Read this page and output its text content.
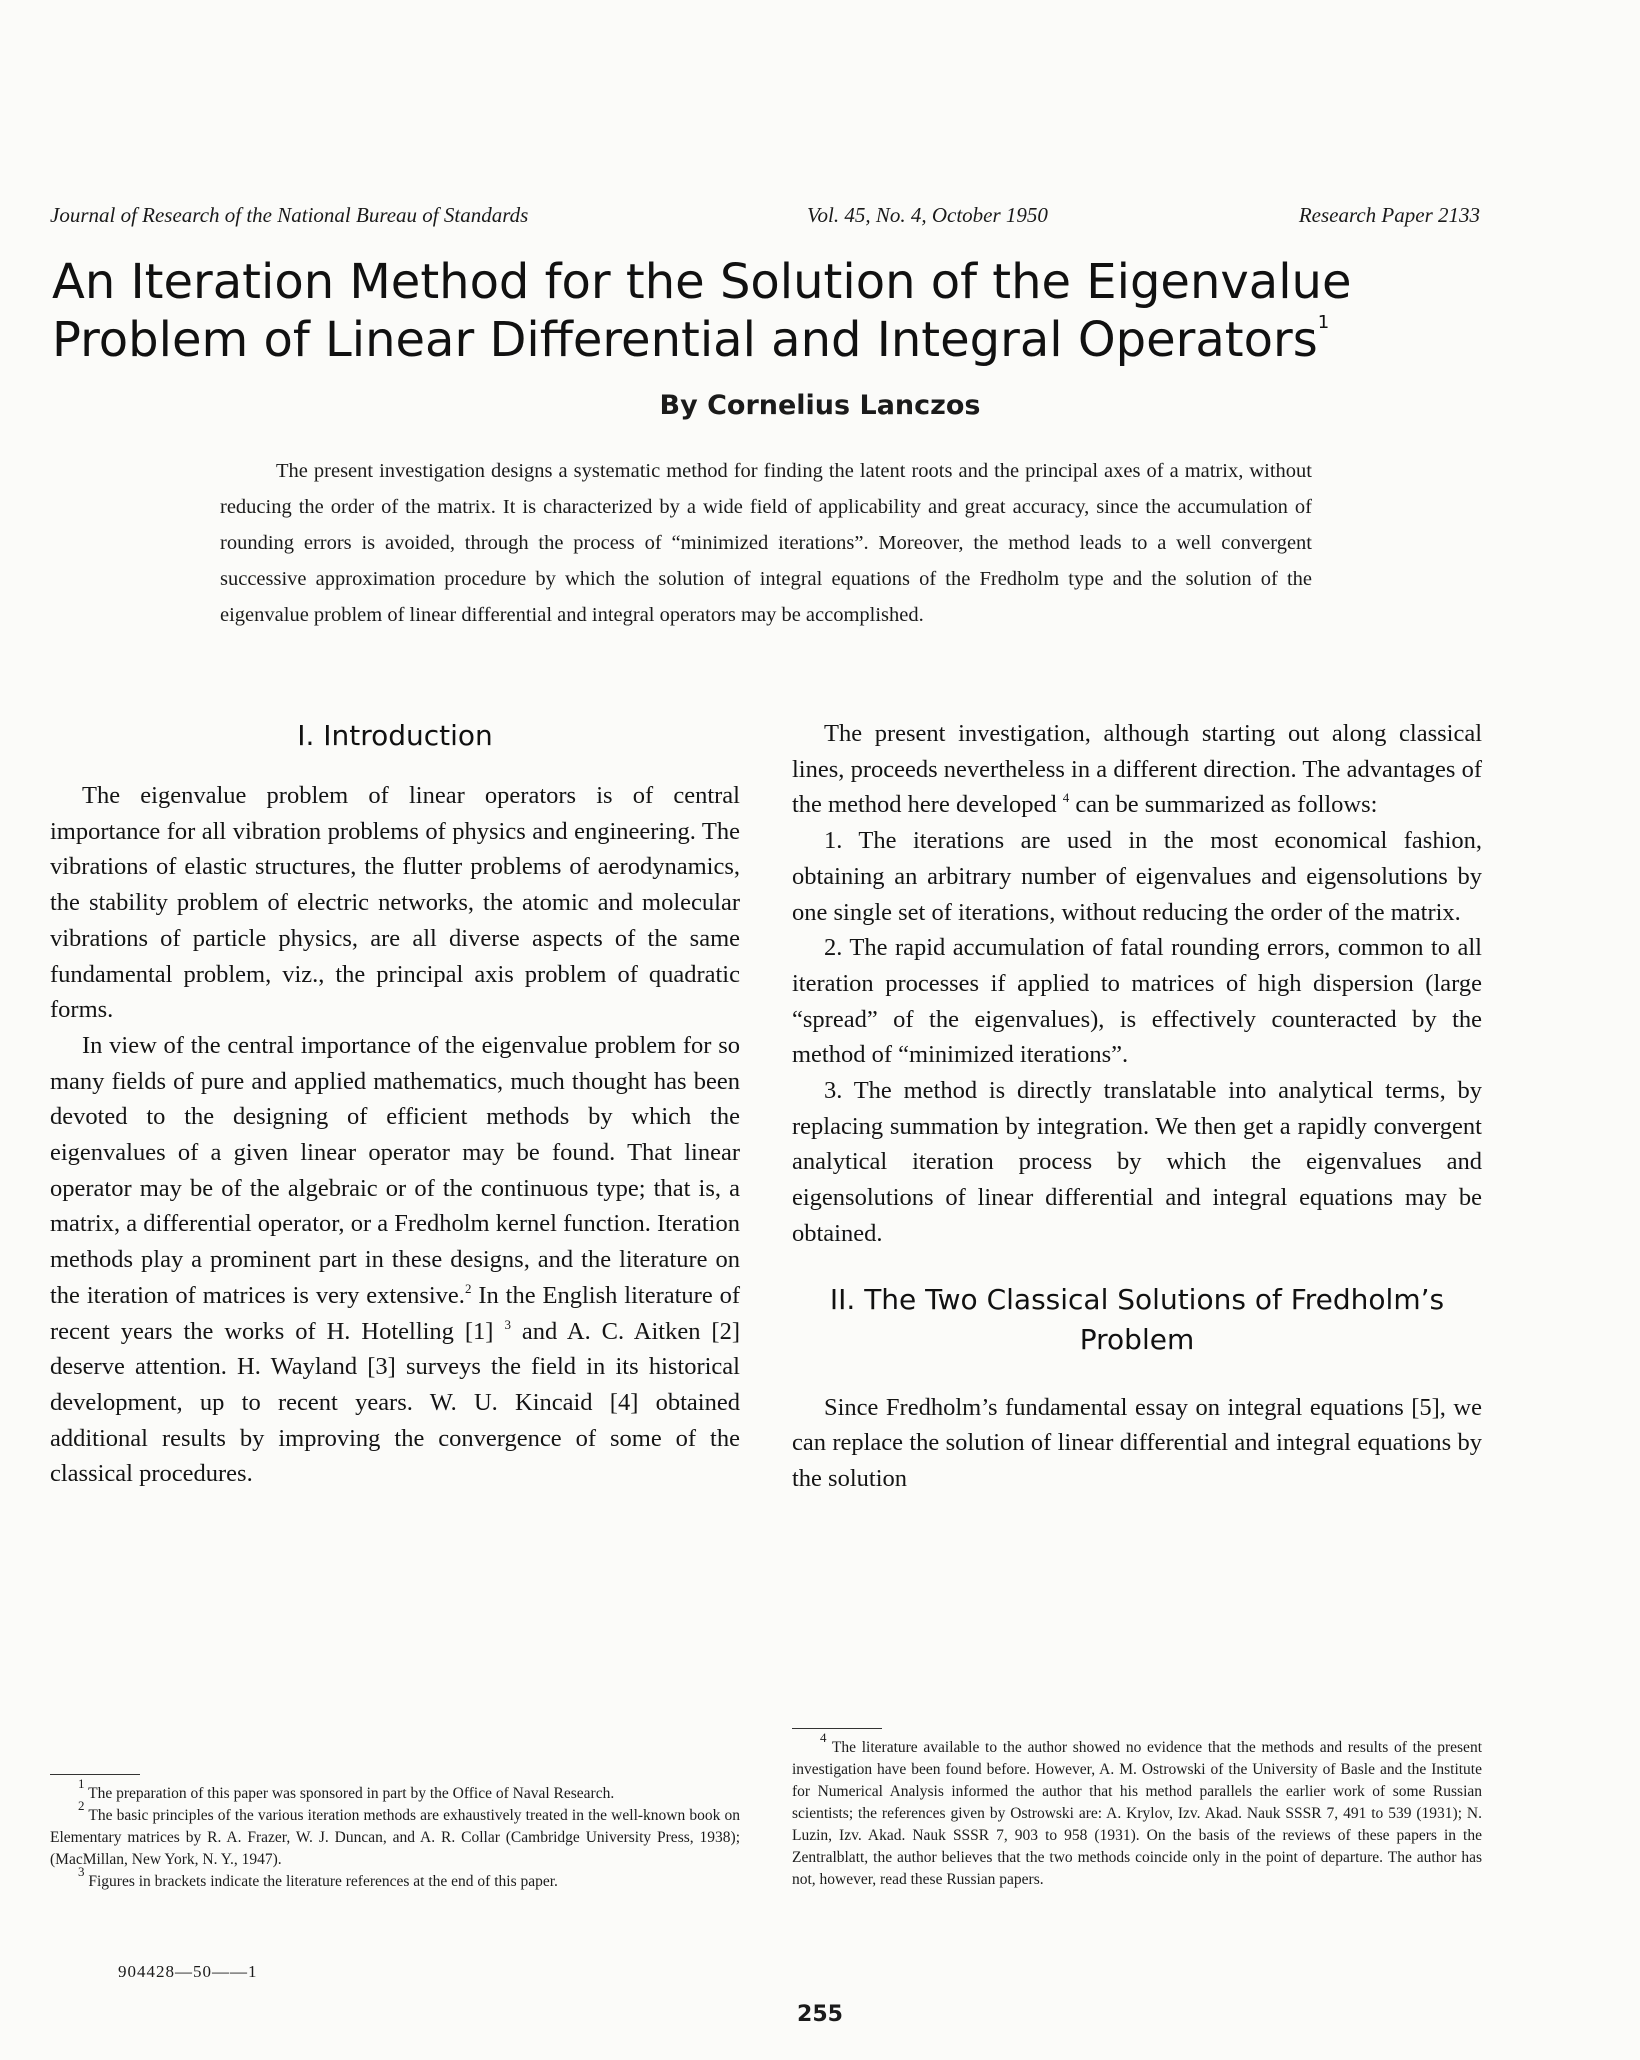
Journal of Research of the National Bureau of Standards	Vol. 45, No. 4, October 1950	Research Paper 2133
An Iteration Method for the Solution of the Eigenvalue Problem of Linear Differential and Integral Operators$^1$
By Cornelius Lanczos

The present investigation designs a systematic method for finding the latent roots and the principal axes of a matrix, without reducing the order of the matrix. It is characterized by a wide field of applicability and great accuracy, since the accumulation of rounding errors is avoided, through the process of “minimized iterations”. Moreover, the method leads to a well convergent successive approximation procedure by which the solution of integral equations of the Fredholm type and the solution of the eigenvalue problem of linear differential and integral operators may be accomplished.

I. Introduction

The eigenvalue problem of linear operators is of central importance for all vibration problems of physics and engineering. The vibrations of elastic structures, the flutter problems of aerodynamics, the stability problem of electric networks, the atomic and molecular vibrations of particle physics, are all diverse aspects of the same fundamental problem, viz., the principal axis problem of quadratic forms.

In view of the central importance of the eigenvalue problem for so many fields of pure and applied mathematics, much thought has been devoted to the designing of efficient methods by which the eigenvalues of a given linear operator may be found. That linear operator may be of the algebraic or of the continuous type; that is, a matrix, a differential operator, or a Fredholm kernel function. Iteration methods play a prominent part in these designs, and the literature on the iteration of matrices is very extensive.$^2$ In the English literature of recent years the works of H. Hotelling [1] $^3$ and A. C. Aitken [2] deserve attention. H. Wayland [3] surveys the field in its historical development, up to recent years. W. U. Kincaid [4] obtained additional results by improving the convergence of some of the classical procedures.

The present investigation, although starting out along classical lines, proceeds nevertheless in a different direction. The advantages of the method here developed $^4$ can be summarized as follows:

1. The iterations are used in the most economical fashion, obtaining an arbitrary number of eigenvalues and eigensolutions by one single set of iterations, without reducing the order of the matrix.

2. The rapid accumulation of fatal rounding errors, common to all iteration processes if applied to matrices of high dispersion (large “spread” of the eigenvalues), is effectively counteracted by the method of “minimized iterations”.

3. The method is directly translatable into analytical terms, by replacing summation by integration. We then get a rapidly convergent analytical iteration process by which the eigenvalues and eigensolutions of linear differential and integral equations may be obtained.

II. The Two Classical Solutions of Fredholm’s Problem

Since Fredholm’s fundamental essay on integral equations [5], we can replace the solution of linear differential and integral equations by the solution

$^1$ The preparation of this paper was sponsored in part by the Office of Naval Research.

$^2$ The basic principles of the various iteration methods are exhaustively treated in the well-known book on Elementary matrices by R. A. Frazer, W. J. Duncan, and A. R. Collar (Cambridge University Press, 1938); (MacMillan, New York, N. Y., 1947).

$^3$ Figures in brackets indicate the literature references at the end of this paper.

$^4$ The literature available to the author showed no evidence that the methods and results of the present investigation have been found before. However, A. M. Ostrowski of the University of Basle and the Institute for Numerical Analysis informed the author that his method parallels the earlier work of some Russian scientists; the references given by Ostrowski are: A. Krylov, Izv. Akad. Nauk SSSR 7, 491 to 539 (1931); N. Luzin, Izv. Akad. Nauk SSSR 7, 903 to 958 (1931). On the basis of the reviews of these papers in the Zentralblatt, the author believes that the two methods coincide only in the point of departure. The author has not, however, read these Russian papers.

904428—50——1
255
